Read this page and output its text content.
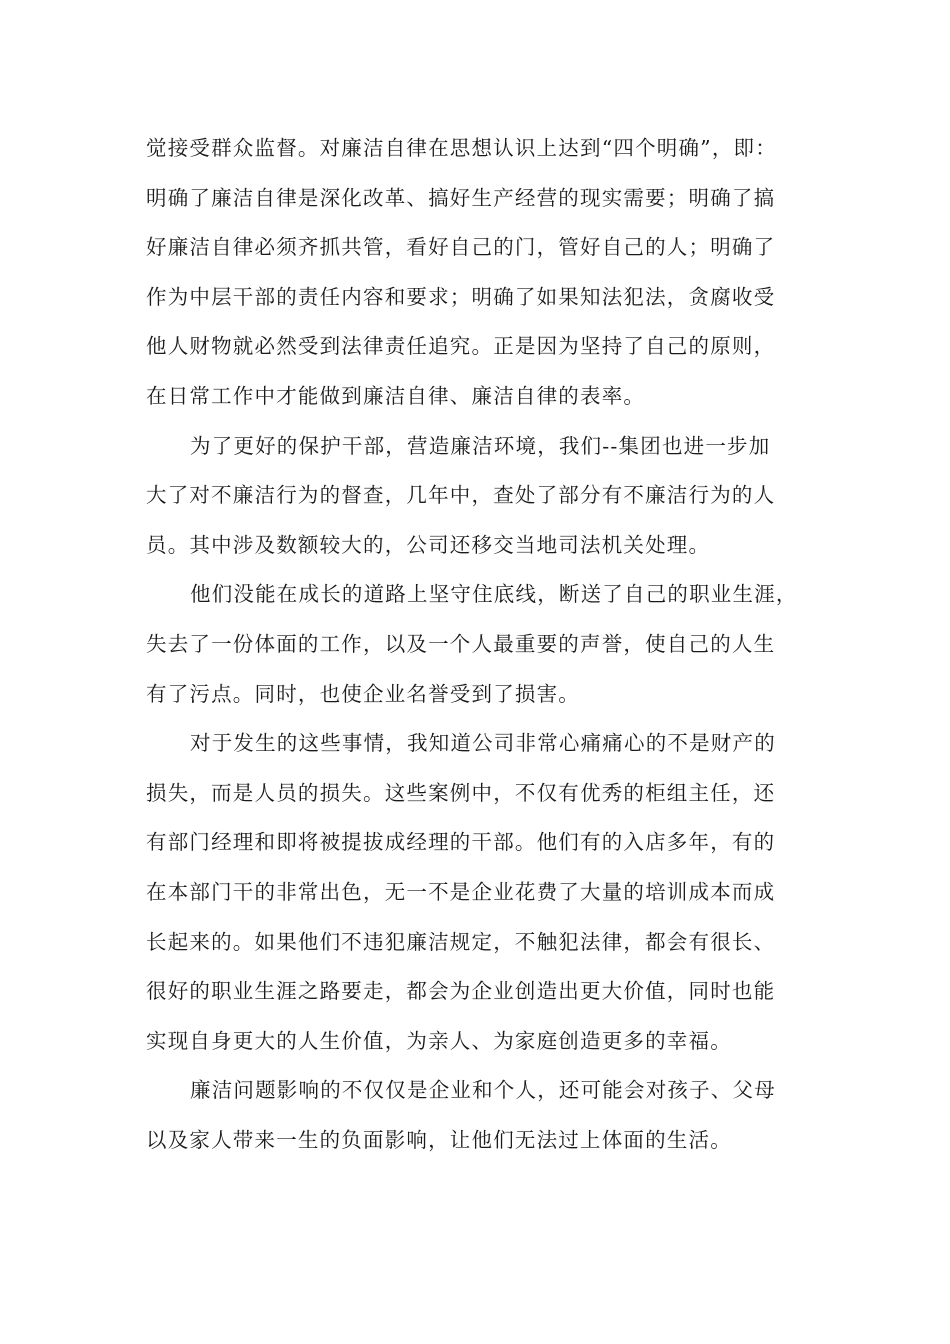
觉接受群众监督。对廉洁自律在思想认识上达到“四个明确”，即：
明确了廉洁自律是深化改革、搞好生产经营的现实需要；明确了搞
好廉洁自律必须齐抓共管，看好自己的门，管好自己的人；明确了
作为中层干部的责任内容和要求；明确了如果知法犯法，贪腐收受
他人财物就必然受到法律责任追究。正是因为坚持了自己的原则，
在日常工作中才能做到廉洁自律、廉洁自律的表率。
为了更好的保护干部，营造廉洁环境，我们--集团也进一步加
大了对不廉洁行为的督查，几年中，查处了部分有不廉洁行为的人
员。其中涉及数额较大的，公司还移交当地司法机关处理。
他们没能在成长的道路上坚守住底线，断送了自己的职业生涯，
失去了一份体面的工作，以及一个人最重要的声誉，使自己的人生
有了污点。同时，也使企业名誉受到了损害。
对于发生的这些事情，我知道公司非常心痛痛心的不是财产的
损失，而是人员的损失。这些案例中，不仅有优秀的柜组主任，还
有部门经理和即将被提拔成经理的干部。他们有的入店多年，有的
在本部门干的非常出色，无一不是企业花费了大量的培训成本而成
长起来的。如果他们不违犯廉洁规定，不触犯法律，都会有很长、
很好的职业生涯之路要走，都会为企业创造出更大价值，同时也能
实现自身更大的人生价值，为亲人、为家庭创造更多的幸福。
廉洁问题影响的不仅仅是企业和个人，还可能会对孩子、父母
以及家人带来一生的负面影响，让他们无法过上体面的生活。
